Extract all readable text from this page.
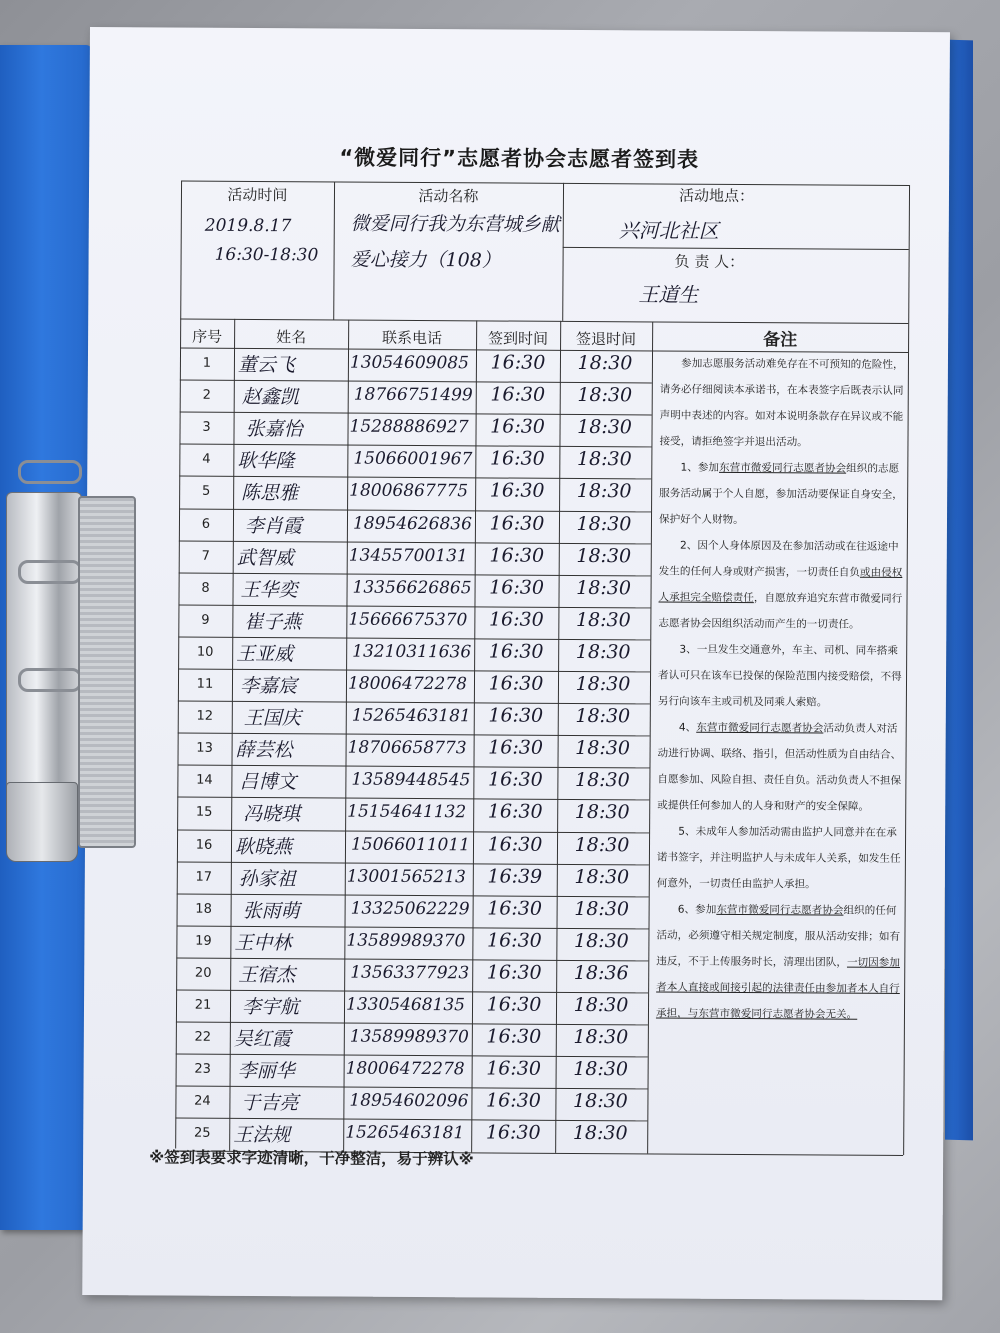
“微爱同行”志愿者协会志愿者签到表
活动时间
2019.8.17
16:30-18:30
活动名称
微爱同行我为东营城乡献
爱心接力（108）
活动地点：
兴河北社区
负 责 人：
王道生
序号	姓名	联系电话	签到时间	签退时间	备注
1	董云飞	13054609085	16:30	18:30
2	赵鑫凯	18766751499 16:30	18:30
3	张嘉怡	15288886927	16:30	18:30
4	耿华隆	15066001967 16:30	18:30
5	陈思雅	18006867775	16:30	18:30
6	李肖霞	18954626836 16:30	18:30
7	武智威	13455700131	16:30	18:30
8	王华奕	13356626865 16:30	18:30
9	崔子燕	15666675370	16:30	18:30
10	王亚威	13210311636 16:30	18:30
11	李嘉宸	18006472278	16:30	18:30
12	王国庆	15265463181 16:30	18:30
13	薛芸松	18706658773	16:30	18:30
14	吕博文	13589448545 16:30	18:30
15	冯晓琪	15154641132	16:30	18:30
16	耿晓燕	15066011011 16:30	18:30
17	孙家祖	13001565213	16:39	18:30
18	张雨萌	13325062229 16:30	18:30
19	王中林	13589989370	16:30	18:30
20	王宿杰	13563377923 16:30	18:36
21	李宇航	13305468135	16:30	18:30
22	吴红霞	13589989370 16:30	18:30
23	李丽华	18006472278	16:30	18:30
24	于吉亮	18954602096 16:30	18:30
25	王法规	15265463181	16:30	18:30

参加志愿服务活动难免存在不可预知的危险性，请务必仔细阅读本承诺书，在本表签字后既表示认同声明中表述的内容。如对本说明条款存在异议或不能接受，请拒绝签字并退出活动。

1、参加东营市微爱同行志愿者协会组织的志愿服务活动属于个人自愿，参加活动要保证自身安全，保护好个人财物。

2、因个人身体原因及在参加活动或在往返途中发生的任何人身或财产损害，一切责任自负或由侵权人承担完全赔偿责任，自愿放弃追究东营市微爱同行志愿者协会因组织活动而产生的一切责任。

3、一旦发生交通意外，车主、司机、同车搭乘者认可只在该车已投保的保险范围内接受赔偿，不得另行向该车主或司机及同乘人索赔。

4、东营市微爱同行志愿者协会活动负责人对活动进行协调、联络、指引，但活动性质为自由结合、自愿参加、风险自担、责任自负。活动负责人不担保或提供任何参加人的人身和财产的安全保障。

5、未成年人参加活动需由监护人同意并在在承诺书签字，并注明监护人与未成年人关系，如发生任何意外，一切责任由监护人承担。

6、参加东营市微爱同行志愿者协会组织的任何活动，必须遵守相关规定制度，服从活动安排；如有违反，不于上传服务时长，清理出团队，一切因参加者本人直接或间接引起的法律责任由参加者本人自行承担，与东营市微爱同行志愿者协会无关。

※签到表要求字迹清晰，干净整洁，易于辨认※
